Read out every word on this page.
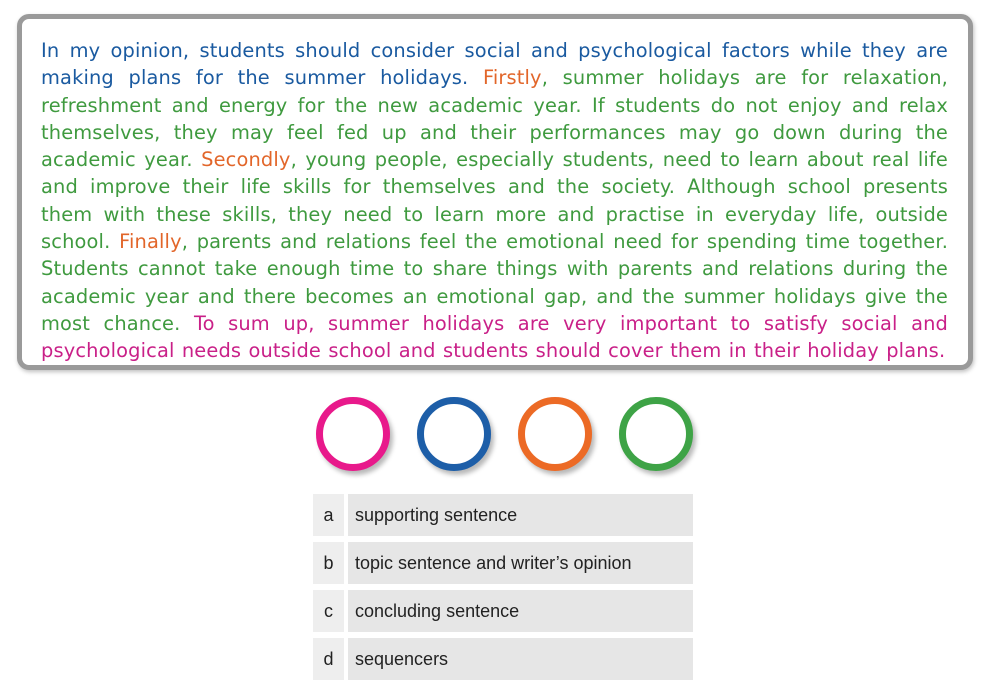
In my opinion, students should consider social and psychological factors while they are making plans for the summer holidays. Firstly, summer holidays are for relaxation, refreshment and energy for the new academic year. If students do not enjoy and relax themselves, they may feel fed up and their performances may go down during the academic year. Secondly, young people, especially students, need to learn about real life and improve their life skills for themselves and the society. Although school presents them with these skills, they need to learn more and practise in everyday life, outside school. Finally, parents and relations feel the emotional need for spending time together. Students cannot take enough time to share things with parents and relations during the academic year and there becomes an emotional gap, and the summer holidays give the most chance. To sum up, summer holidays are very important to satisfy social and psychological needs outside school and students should cover them in their holiday plans.

a	supporting sentence
b	topic sentence and writer’s opinion
c	concluding sentence
d	sequencers
